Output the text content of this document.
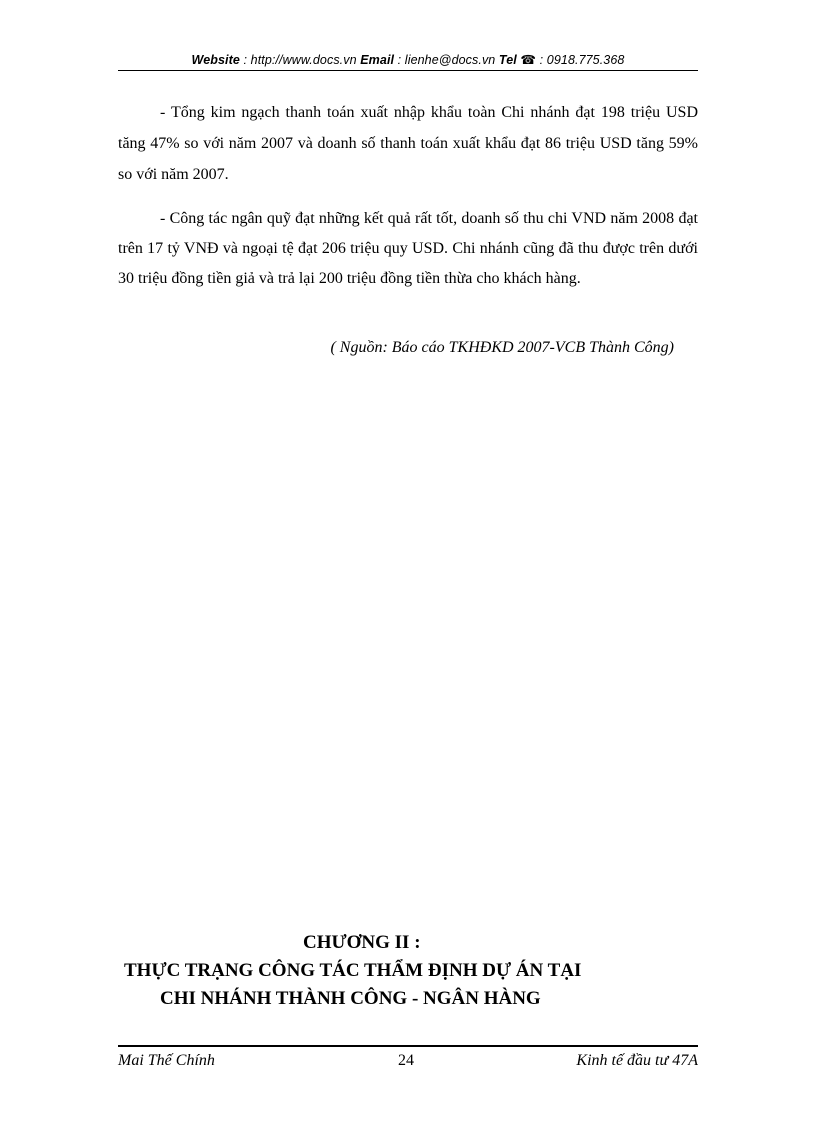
Website : http://www.docs.vn Email : lienhe@docs.vn Tel ☎ : 0918.775.368

- Tổng kim ngạch thanh toán xuất nhập khẩu toàn Chi nhánh đạt 198 triệu USD tăng 47% so với năm 2007 và doanh số thanh toán xuất khẩu đạt 86 triệu USD tăng 59% so với năm 2007.

- Công tác ngân quỹ đạt những kết quả rất tốt, doanh số thu chi VND năm 2008 đạt trên 17 tỷ VNĐ và ngoại tệ đạt 206 triệu quy USD. Chi nhánh cũng đã thu được trên dưới 30 triệu đồng tiền giả và trả lại 200 triệu đồng tiền thừa cho khách hàng.

( Nguồn: Báo cáo TKHĐKD 2007-VCB Thành Công)
CHƯƠNG II :
THỰC TRẠNG CÔNG TÁC THẨM ĐỊNH DỰ ÁN TẠI
CHI NHÁNH THÀNH CÔNG - NGÂN HÀNG
Mai Thế Chính	24	Kinh tế đầu tư 47A
